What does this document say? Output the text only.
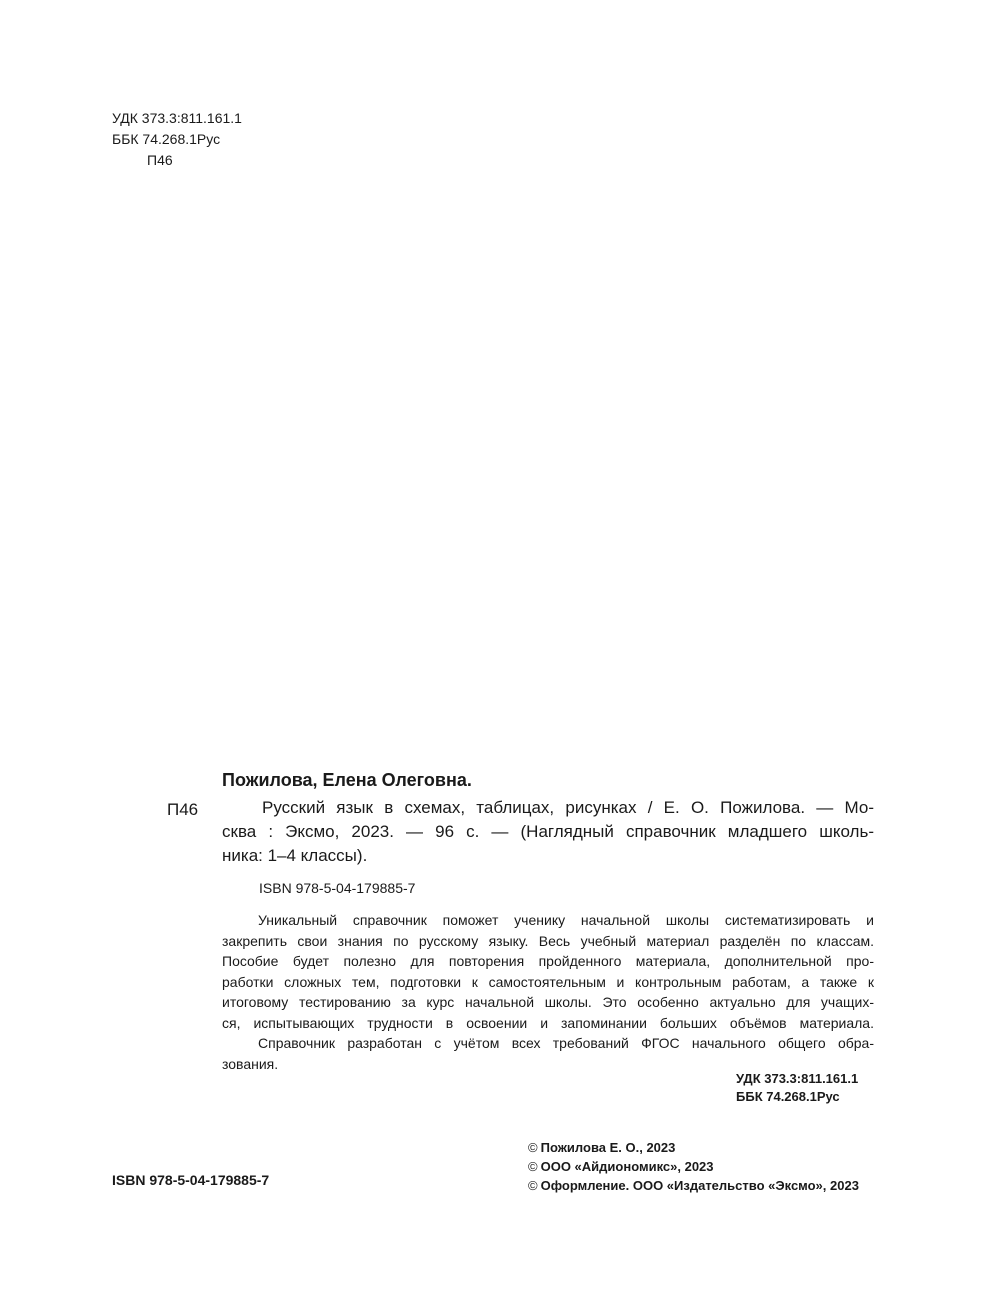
УДК 373.3:811.161.1
ББК 74.268.1Рус
П46
Пожилова, Елена Олеговна.
П46	Русский язык в схемах, таблицах, рисунках / Е. О. Пожилова. — Мо-
сква : Эксмо, 2023. — 96 с. — (Наглядный справочник младшего школь-
ника: 1–4 классы).
ISBN 978-5-04-179885-7
Уникальный справочник поможет ученику начальной школы систематизировать и
закрепить свои знания по русскому языку. Весь учебный материал разделён по классам.
Пособие будет полезно для повторения пройденного материала, дополнительной про-
работки сложных тем, подготовки к самостоятельным и контрольным работам, а также к
итоговому тестированию за курс начальной школы. Это особенно актуально для учащих-
ся, испытывающих трудности в освоении и запоминании больших объёмов материала.
Справочник разработан с учётом всех требований ФГОС начального общего обра-
зования.
УДК 373.3:811.161.1
ББК 74.268.1Рус
© Пожилова Е. О., 2023
© ООО «Айдиономикс», 2023
© Оформление. ООО «Издательство «Эксмо», 2023
ISBN 978-5-04-179885-7
